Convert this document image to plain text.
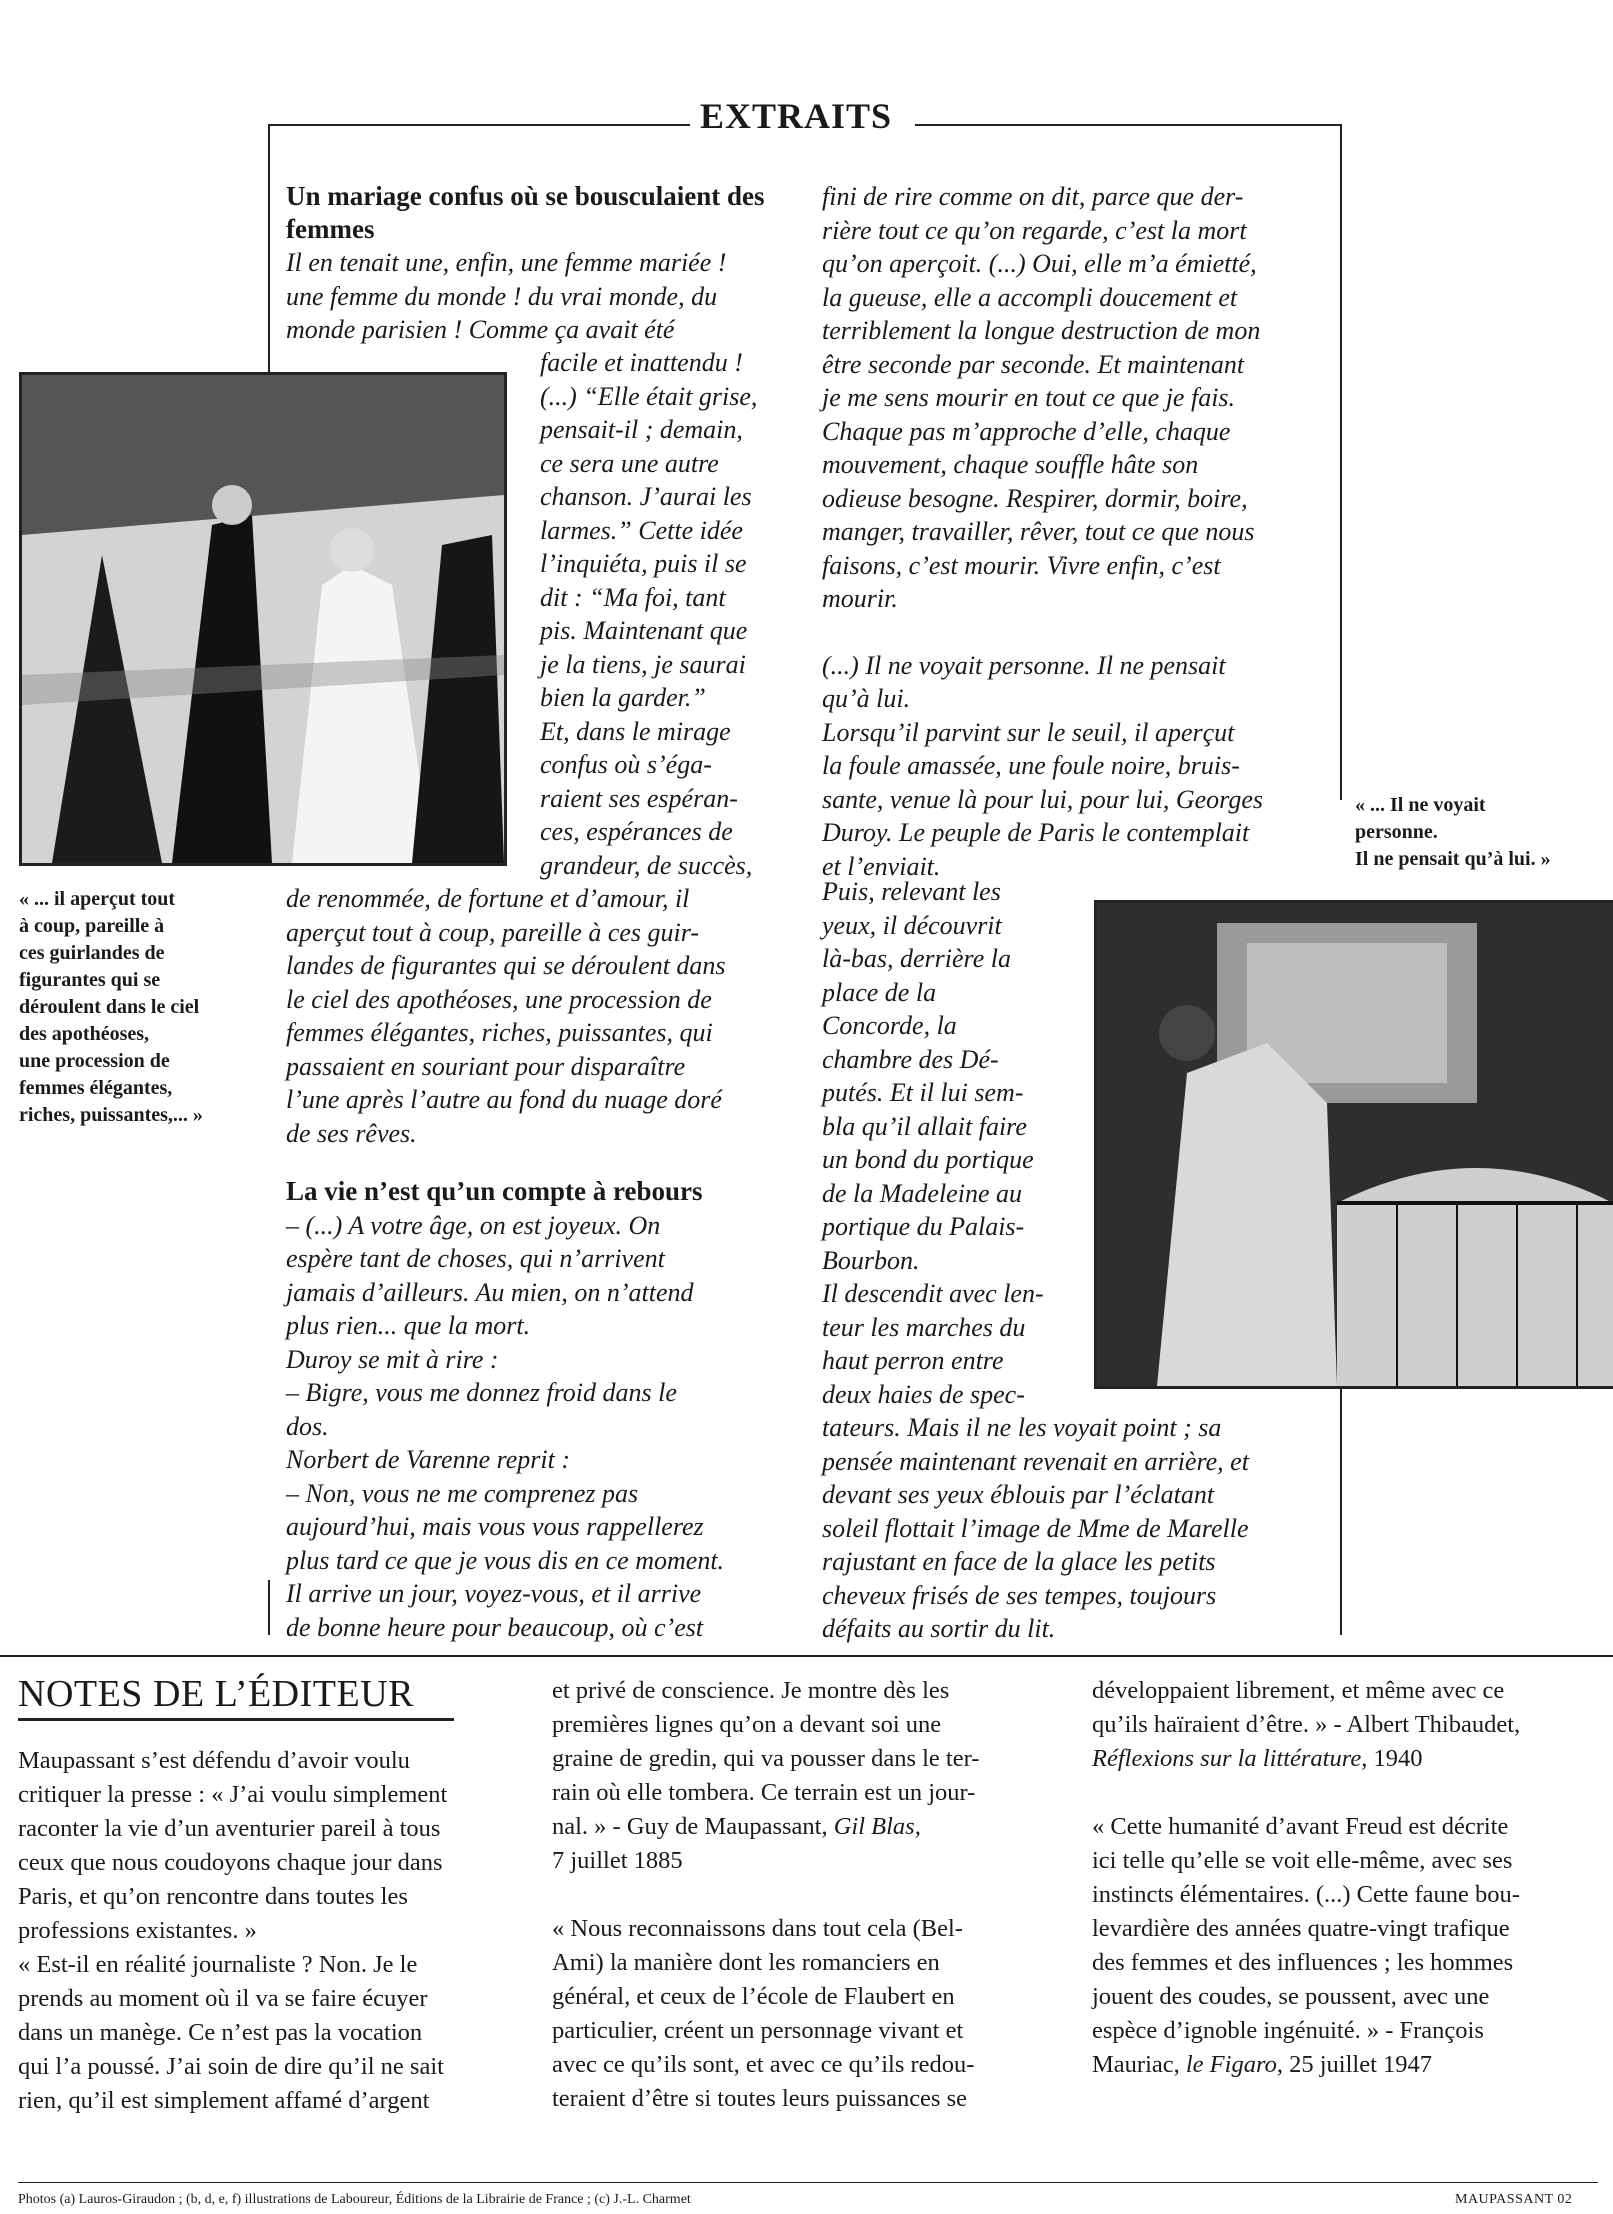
EXTRAITS
« ... il aperçut tout
à coup, pareille à
ces guirlandes de
figurantes qui se
déroulent dans le ciel
des apothéoses,
une procession de
femmes élégantes,
riches, puissantes,... »
« ... Il ne voyait
personne.
Il ne pensait qu’à lui. »

Un mariage confus où se bousculaient des femmes

Il en tenait une, enfin, une femme mariée !

une femme du monde ! du vrai monde, du

monde parisien ! Comme ça avait été

facile et inattendu !

(...) “Elle était grise,

pensait-il ; demain,

ce sera une autre

chanson. J’aurai les

larmes.” Cette idée

l’inquiéta, puis il se

dit : “Ma foi, tant

pis. Maintenant que

je la tiens, je saurai

bien la garder.”

Et, dans le mirage

confus où s’éga-

raient ses espéran-

ces, espérances de

grandeur, de succès,

de renommée, de fortune et d’amour, il

aperçut tout à coup, pareille à ces guir-

landes de figurantes qui se déroulent dans

le ciel des apothéoses, une procession de

femmes élégantes, riches, puissantes, qui

passaient en souriant pour disparaître

l’une après l’autre au fond du nuage doré

de ses rêves.

La vie n’est qu’un compte à rebours

– (...) A votre âge, on est joyeux. On

espère tant de choses, qui n’arrivent

jamais d’ailleurs. Au mien, on n’attend

plus rien... que la mort.

Duroy se mit à rire :

– Bigre, vous me donnez froid dans le

dos.

Norbert de Varenne reprit :

– Non, vous ne me comprenez pas

aujourd’hui, mais vous vous rappellerez

plus tard ce que je vous dis en ce moment.

Il arrive un jour, voyez-vous, et il arrive

de bonne heure pour beaucoup, où c’est

fini de rire comme on dit, parce que der-

rière tout ce qu’on regarde, c’est la mort

qu’on aperçoit. (...) Oui, elle m’a émietté,

la gueuse, elle a accompli doucement et

terriblement la longue destruction de mon

être seconde par seconde. Et maintenant

je me sens mourir en tout ce que je fais.

Chaque pas m’approche d’elle, chaque

mouvement, chaque souffle hâte son

odieuse besogne. Respirer, dormir, boire,

manger, travailler, rêver, tout ce que nous

faisons, c’est mourir. Vivre enfin, c’est

mourir.

(...) Il ne voyait personne. Il ne pensait

qu’à lui.

Lorsqu’il parvint sur le seuil, il aperçut

la foule amassée, une foule noire, bruis-

sante, venue là pour lui, pour lui, Georges

Duroy. Le peuple de Paris le contemplait

et l’enviait.

Puis, relevant les

yeux, il découvrit

là-bas, derrière la

place de la

Concorde, la

chambre des Dé-

putés. Et il lui sem-

bla qu’il allait faire

un bond du portique

de la Madeleine au

portique du Palais-

Bourbon.

Il descendit avec len-

teur les marches du

haut perron entre

deux haies de spec-

tateurs. Mais il ne les voyait point ; sa

pensée maintenant revenait en arrière, et

devant ses yeux éblouis par l’éclatant

soleil flottait l’image de Mme de Marelle

rajustant en face de la glace les petits

cheveux frisés de ses tempes, toujours

défaits au sortir du lit.

NOTES DE L’ÉDITEUR

Maupassant s’est défendu d’avoir voulu

critiquer la presse : « J’ai voulu simplement

raconter la vie d’un aventurier pareil à tous

ceux que nous coudoyons chaque jour dans

Paris, et qu’on rencontre dans toutes les

professions existantes. »

« Est-il en réalité journaliste ? Non. Je le

prends au moment où il va se faire écuyer

dans un manège. Ce n’est pas la vocation

qui l’a poussé. J’ai soin de dire qu’il ne sait

rien, qu’il est simplement affamé d’argent

et privé de conscience. Je montre dès les

premières lignes qu’on a devant soi une

graine de gredin, qui va pousser dans le ter-

rain où elle tombera. Ce terrain est un jour-

nal. » - Guy de Maupassant, Gil Blas,

7 juillet 1885

« Nous reconnaissons dans tout cela (Bel-

Ami) la manière dont les romanciers en

général, et ceux de l’école de Flaubert en

particulier, créent un personnage vivant et

avec ce qu’ils sont, et avec ce qu’ils redou-

teraient d’être si toutes leurs puissances se

développaient librement, et même avec ce

qu’ils haïraient d’être. » - Albert Thibaudet,

Réflexions sur la littérature, 1940

« Cette humanité d’avant Freud est décrite

ici telle qu’elle se voit elle-même, avec ses

instincts élémentaires. (...) Cette faune bou-

levardière des années quatre-vingt trafique

des femmes et des influences ; les hommes

jouent des coudes, se poussent, avec une

espèce d’ignoble ingénuité. » - François

Mauriac, le Figaro, 25 juillet 1947

Photos (a) Lauros-Giraudon ; (b, d, e, f) illustrations de Laboureur, Éditions de la Librairie de France ; (c) J.-L. Charmet	MAUPASSANT 02
